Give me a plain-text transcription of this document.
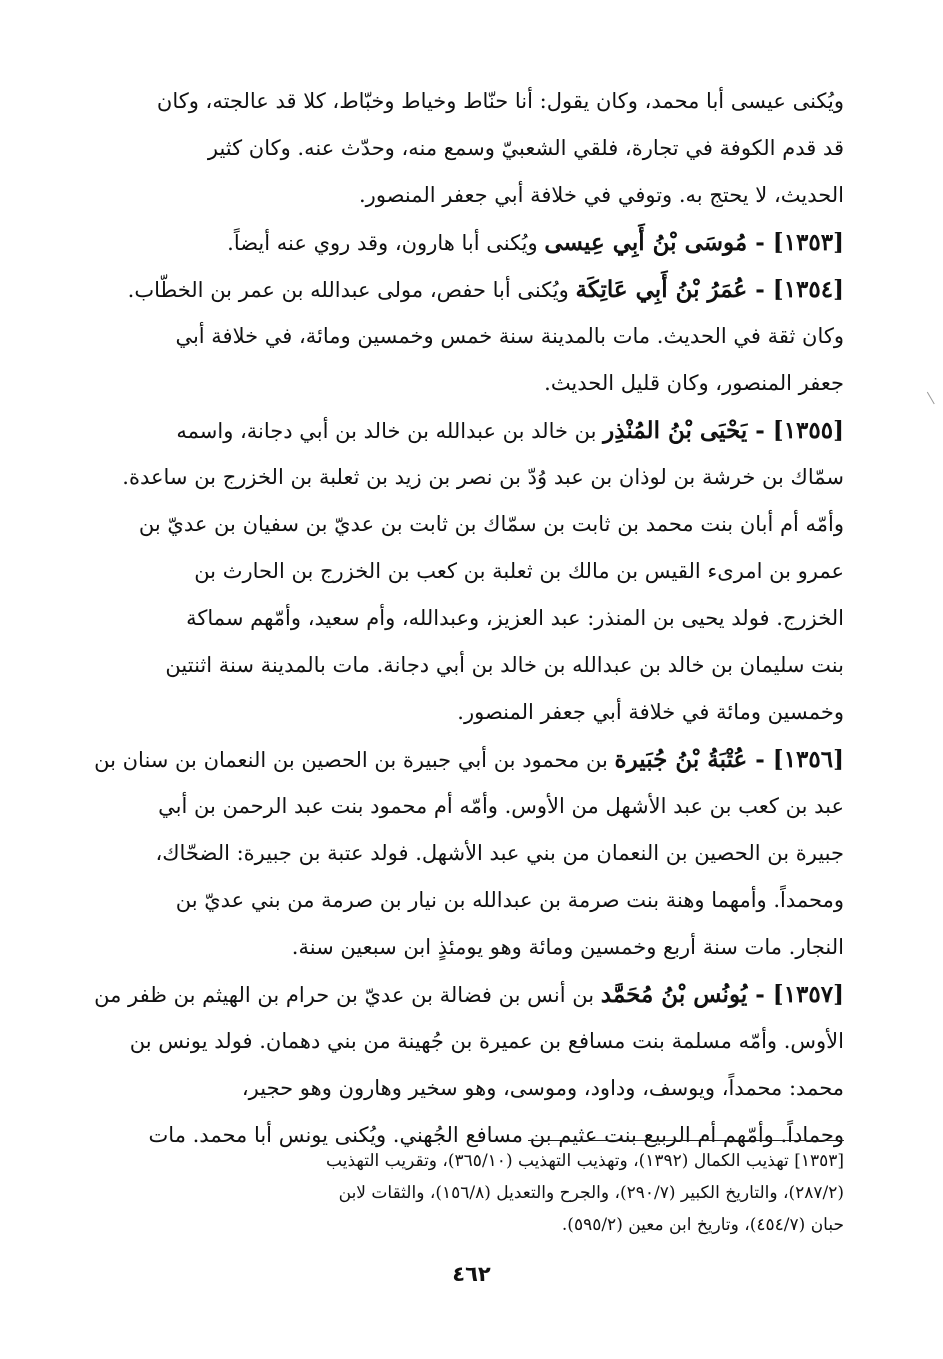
ويُكنى عيسى أبا محمد، وكان يقول: أنا حنّاط وخياط وخبّاط، كلا قد عالجته، وكان
قد قدم الكوفة في تجارة، فلقي الشعبيّ وسمع منه، وحدّث عنه. وكان كثير
الحديث، لا يحتج به. وتوفي في خلافة أبي جعفر المنصور.
[١٣٥٣] - مُوسَى بْنُ أَبِي عِيسى ويُكنى أبا هارون، وقد روي عنه أيضاً.
[١٣٥٤] - عُمَرُ بْنُ أَبِي عَاتِكَة ويُكنى أبا حفص، مولى عبدالله بن عمر بن الخطّاب.
وكان ثقة في الحديث. مات بالمدينة سنة خمس وخمسين ومائة، في خلافة أبي
جعفر المنصور، وكان قليل الحديث.
[١٣٥٥] - يَحْيَى بْنُ المُنْذِر بن خالد بن عبدالله بن خالد بن أبي دجانة، واسمه
سمّاك بن خرشة بن لوذان بن عبد وُدّ بن نصر بن زيد بن ثعلبة بن الخزرج بن ساعدة.
وأمّه أم أبان بنت محمد بن ثابت بن سمّاك بن ثابت بن عديّ بن سفيان بن عديّ بن
عمرو بن امرىء القيس بن مالك بن ثعلبة بن كعب بن الخزرج بن الحارث بن
الخزرج. فولد يحيى بن المنذر: عبد العزيز، وعبدالله، وأم سعيد، وأمّهم سماكة
بنت سليمان بن خالد بن عبدالله بن خالد بن أبي دجانة. مات بالمدينة سنة اثنتين
وخمسين ومائة في خلافة أبي جعفر المنصور.
[١٣٥٦] - عُتْبَةُ بْنُ جُبَيرة بن محمود بن أبي جبيرة بن الحصين بن النعمان بن سنان بن
عبد بن كعب بن عبد الأشهل من الأوس. وأمّه أم محمود بنت عبد الرحمن بن أبي
جبيرة بن الحصين بن النعمان من بني عبد الأشهل. فولد عتبة بن جبيرة: الضحّاك،
ومحمداً. وأمهما وهنة بنت صرمة بن عبدالله بن نيار بن صرمة من بني عديّ بن
النجار. مات سنة أربع وخمسين ومائة وهو يومئذٍ ابن سبعين سنة.
[١٣٥٧] - يُونُس بْنُ مُحَمَّد بن أنس بن فضالة بن عديّ بن حرام بن الهيثم بن ظفر من
الأوس. وأمّه مسلمة بنت مسافع بن عميرة بن جُهينة من بني دهمان. فولد يونس بن
محمد: محمداً، ويوسف، وداود، وموسى، وهو سخير وهارون وهو حجير،
وحماداً. وأمّهم أم الربيع بنت عثيم بن مسافع الجُهني. ويُكنى يونس أبا محمد. مات
[١٣٥٣] تهذيب الكمال (١٣٩٢)، وتهذيب التهذيب (٣٦٥/١٠)، وتقريب التهذيب
(٢٨٧/٢)، والتاريخ الكبير (٢٩٠/٧)، والجرح والتعديل (١٥٦/٨)، والثقات لابن
حبان (٤٥٤/٧)، وتاريخ ابن معين (٥٩٥/٢).
٤٦٢
